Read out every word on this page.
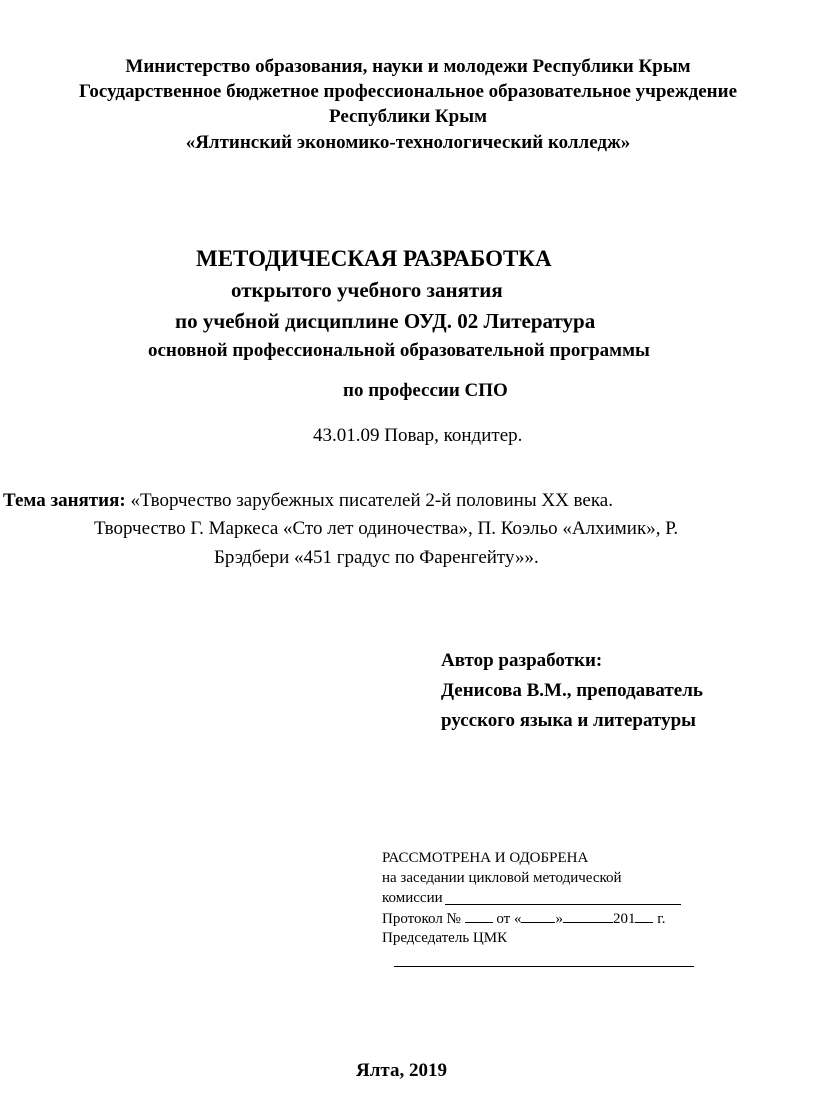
Министерство образования, науки и молодежи Республики Крым
Государственное бюджетное профессиональное образовательное учреждение
Республики Крым
«Ялтинский экономико-технологический колледж»
МЕТОДИЧЕСКАЯ РАЗРАБОТКА
открытого учебного занятия
по учебной дисциплине ОУД. 02 Литература
основной профессиональной образовательной программы
по профессии СПО
43.01.09 Повар, кондитер.
Тема занятия: «Творчество зарубежных писателей 2-й половины XX века.
Творчество Г. Маркеса «Сто лет одиночества», П. Коэльо «Алхимик», Р.
Брэдбери «451 градус по Фаренгейту»».
Автор разработки:
Денисова В.М., преподаватель
русского языка и литературы
РАССМОТРЕНА И ОДОБРЕНА
на заседании цикловой методической
комиссии
Протокол № от « »	201 г.
Председатель ЦМК
Ялта, 2019
